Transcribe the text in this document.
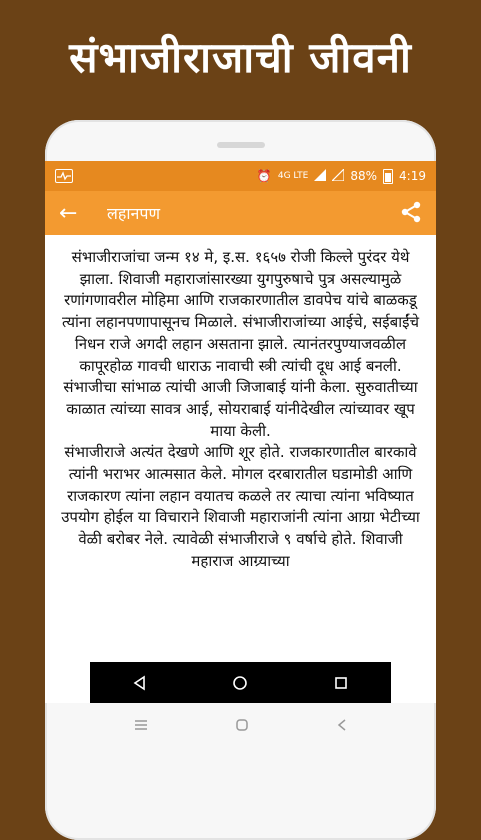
संभाजीराजाची जीवनी
⏰ 4G LTE	88% 4:19
←	लहानपण

संभाजीराजांचा जन्म १४ मे, इ.स. १६५७ रोजी किल्ले पुरंदर येथे झाला. शिवाजी महाराजांसारख्या युगपुरुषाचे पुत्र असल्यामुळे रणांगणावरील मोहिमा आणि राजकारणातील डावपेच यांचे बाळकडू त्यांना लहानपणापासूनच मिळाले. संभाजीराजांच्या आईचे, सईबाईंचे निधन राजे अगदी लहान असताना झाले. त्यानंतरपुण्याजवळील कापूरहोळ गावची धाराऊ नावाची स्त्री त्यांची दूध आई बनली. संभाजीचा सांभाळ त्यांची आजी जिजाबाई यांनी केला. सुरुवातीच्या काळात त्यांच्या सावत्र आई, सोयराबाई यांनीदेखील त्यांच्यावर खूप माया केली.

संभाजीराजे अत्यंत देखणे आणि शूर होते. राजकारणातील बारकावे त्यांनी भराभर आत्मसात केले. मोगल दरबारातील घडामोडी आणि राजकारण त्यांना लहान वयातच कळले तर त्याचा त्यांना भविष्यात उपयोग होईल या विचाराने शिवाजी महाराजांनी त्यांना आग्रा भेटीच्या वेळी बरोबर नेले. त्यावेळी संभाजीराजे ९ वर्षाचे होते. शिवाजी महाराज आग्र्याच्या
